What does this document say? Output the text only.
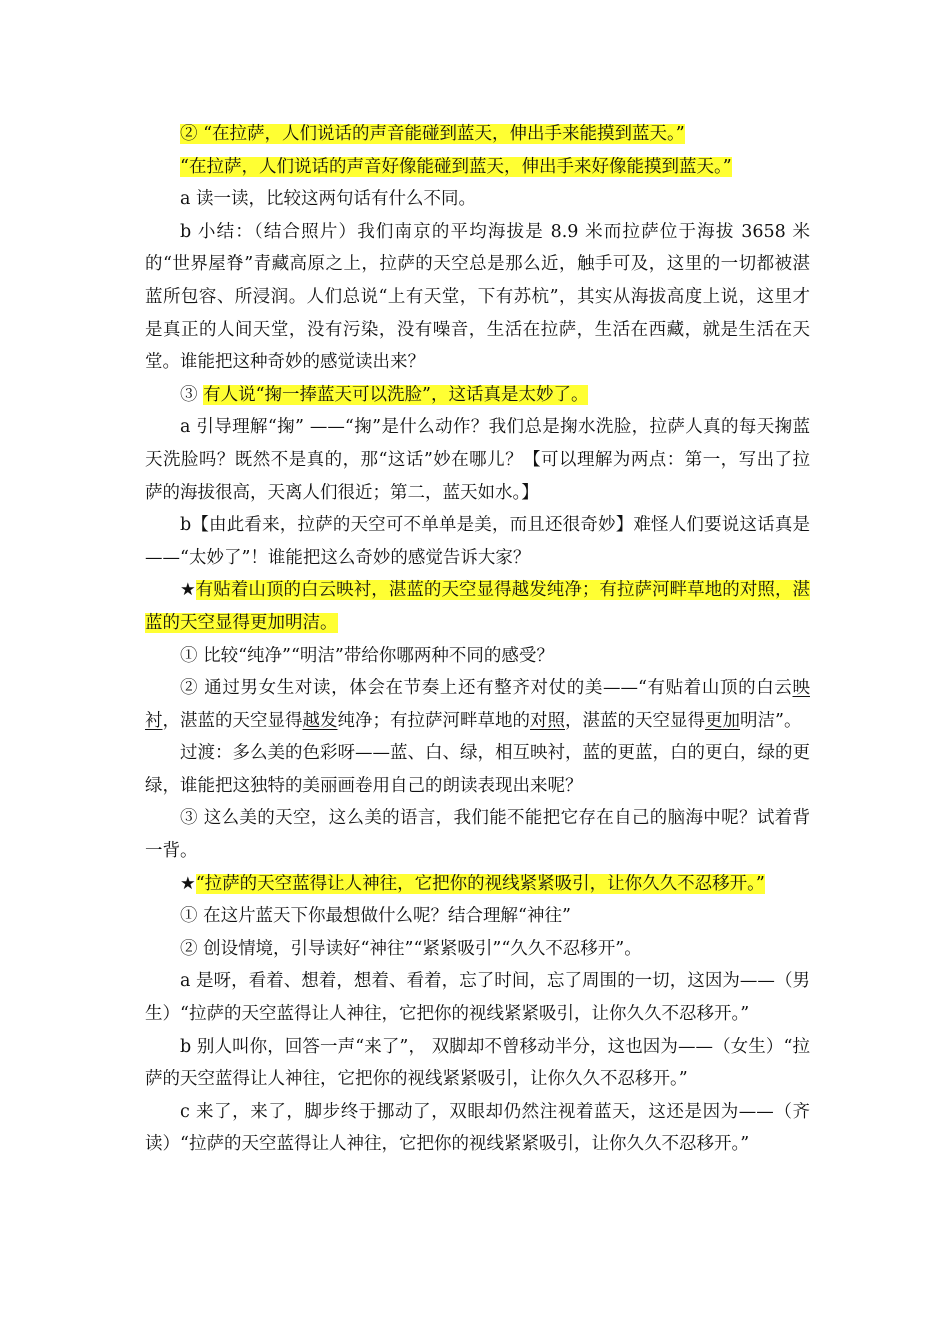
② “在拉萨，人们说话的声音能碰到蓝天，伸出手来能摸到蓝天。”

“在拉萨，人们说话的声音好像能碰到蓝天，伸出手来好像能摸到蓝天。”

a 读一读，比较这两句话有什么不同。

b 小结：（结合照片）我们南京的平均海拔是 8.9 米而拉萨位于海拔 3658 米的“世界屋脊”青藏高原之上，拉萨的天空总是那么近，触手可及，这里的一切都被湛蓝所包容、所浸润。人们总说“上有天堂，下有苏杭”，其实从海拔高度上说，这里才是真正的人间天堂，没有污染，没有噪音，生活在拉萨，生活在西藏，就是生活在天堂。谁能把这种奇妙的感觉读出来？

③ 有人说“掬一捧蓝天可以洗脸”，这话真是太妙了。

a 引导理解“掬” ——“掬”是什么动作？我们总是掬水洗脸，拉萨人真的每天掬蓝天洗脸吗？既然不是真的，那“这话”妙在哪儿？【可以理解为两点：第一，写出了拉萨的海拔很高，天离人们很近；第二，蓝天如水。】

b【由此看来，拉萨的天空可不单单是美，而且还很奇妙】难怪人们要说这话真是——“太妙了”！谁能把这么奇妙的感觉告诉大家？

★有贴着山顶的白云映衬，湛蓝的天空显得越发纯净；有拉萨河畔草地的对照，湛蓝的天空显得更加明洁。

① 比较“纯净”“明洁”带给你哪两种不同的感受？

② 通过男女生对读，体会在节奏上还有整齐对仗的美——“有贴着山顶的白云映衬，湛蓝的天空显得越发纯净；有拉萨河畔草地的对照，湛蓝的天空显得更加明洁”。

过渡：多么美的色彩呀——蓝、白、绿，相互映衬，蓝的更蓝，白的更白，绿的更绿，谁能把这独特的美丽画卷用自己的朗读表现出来呢？

③ 这么美的天空，这么美的语言，我们能不能把它存在自己的脑海中呢？试着背一背。

★“拉萨的天空蓝得让人神往，它把你的视线紧紧吸引，让你久久不忍移开。”

① 在这片蓝天下你最想做什么呢？结合理解“神往”

② 创设情境，引导读好“神往”“紧紧吸引”“久久不忍移开”。

a 是呀，看着、想着，想着、看着，忘了时间，忘了周围的一切，这因为——（男生）“拉萨的天空蓝得让人神往，它把你的视线紧紧吸引，让你久久不忍移开。”

b 别人叫你，回答一声“来了”， 双脚却不曾移动半分，这也因为——（女生）“拉萨的天空蓝得让人神往，它把你的视线紧紧吸引，让你久久不忍移开。”

c 来了，来了，脚步终于挪动了，双眼却仍然注视着蓝天，这还是因为——（齐读）“拉萨的天空蓝得让人神往，它把你的视线紧紧吸引，让你久久不忍移开。”
